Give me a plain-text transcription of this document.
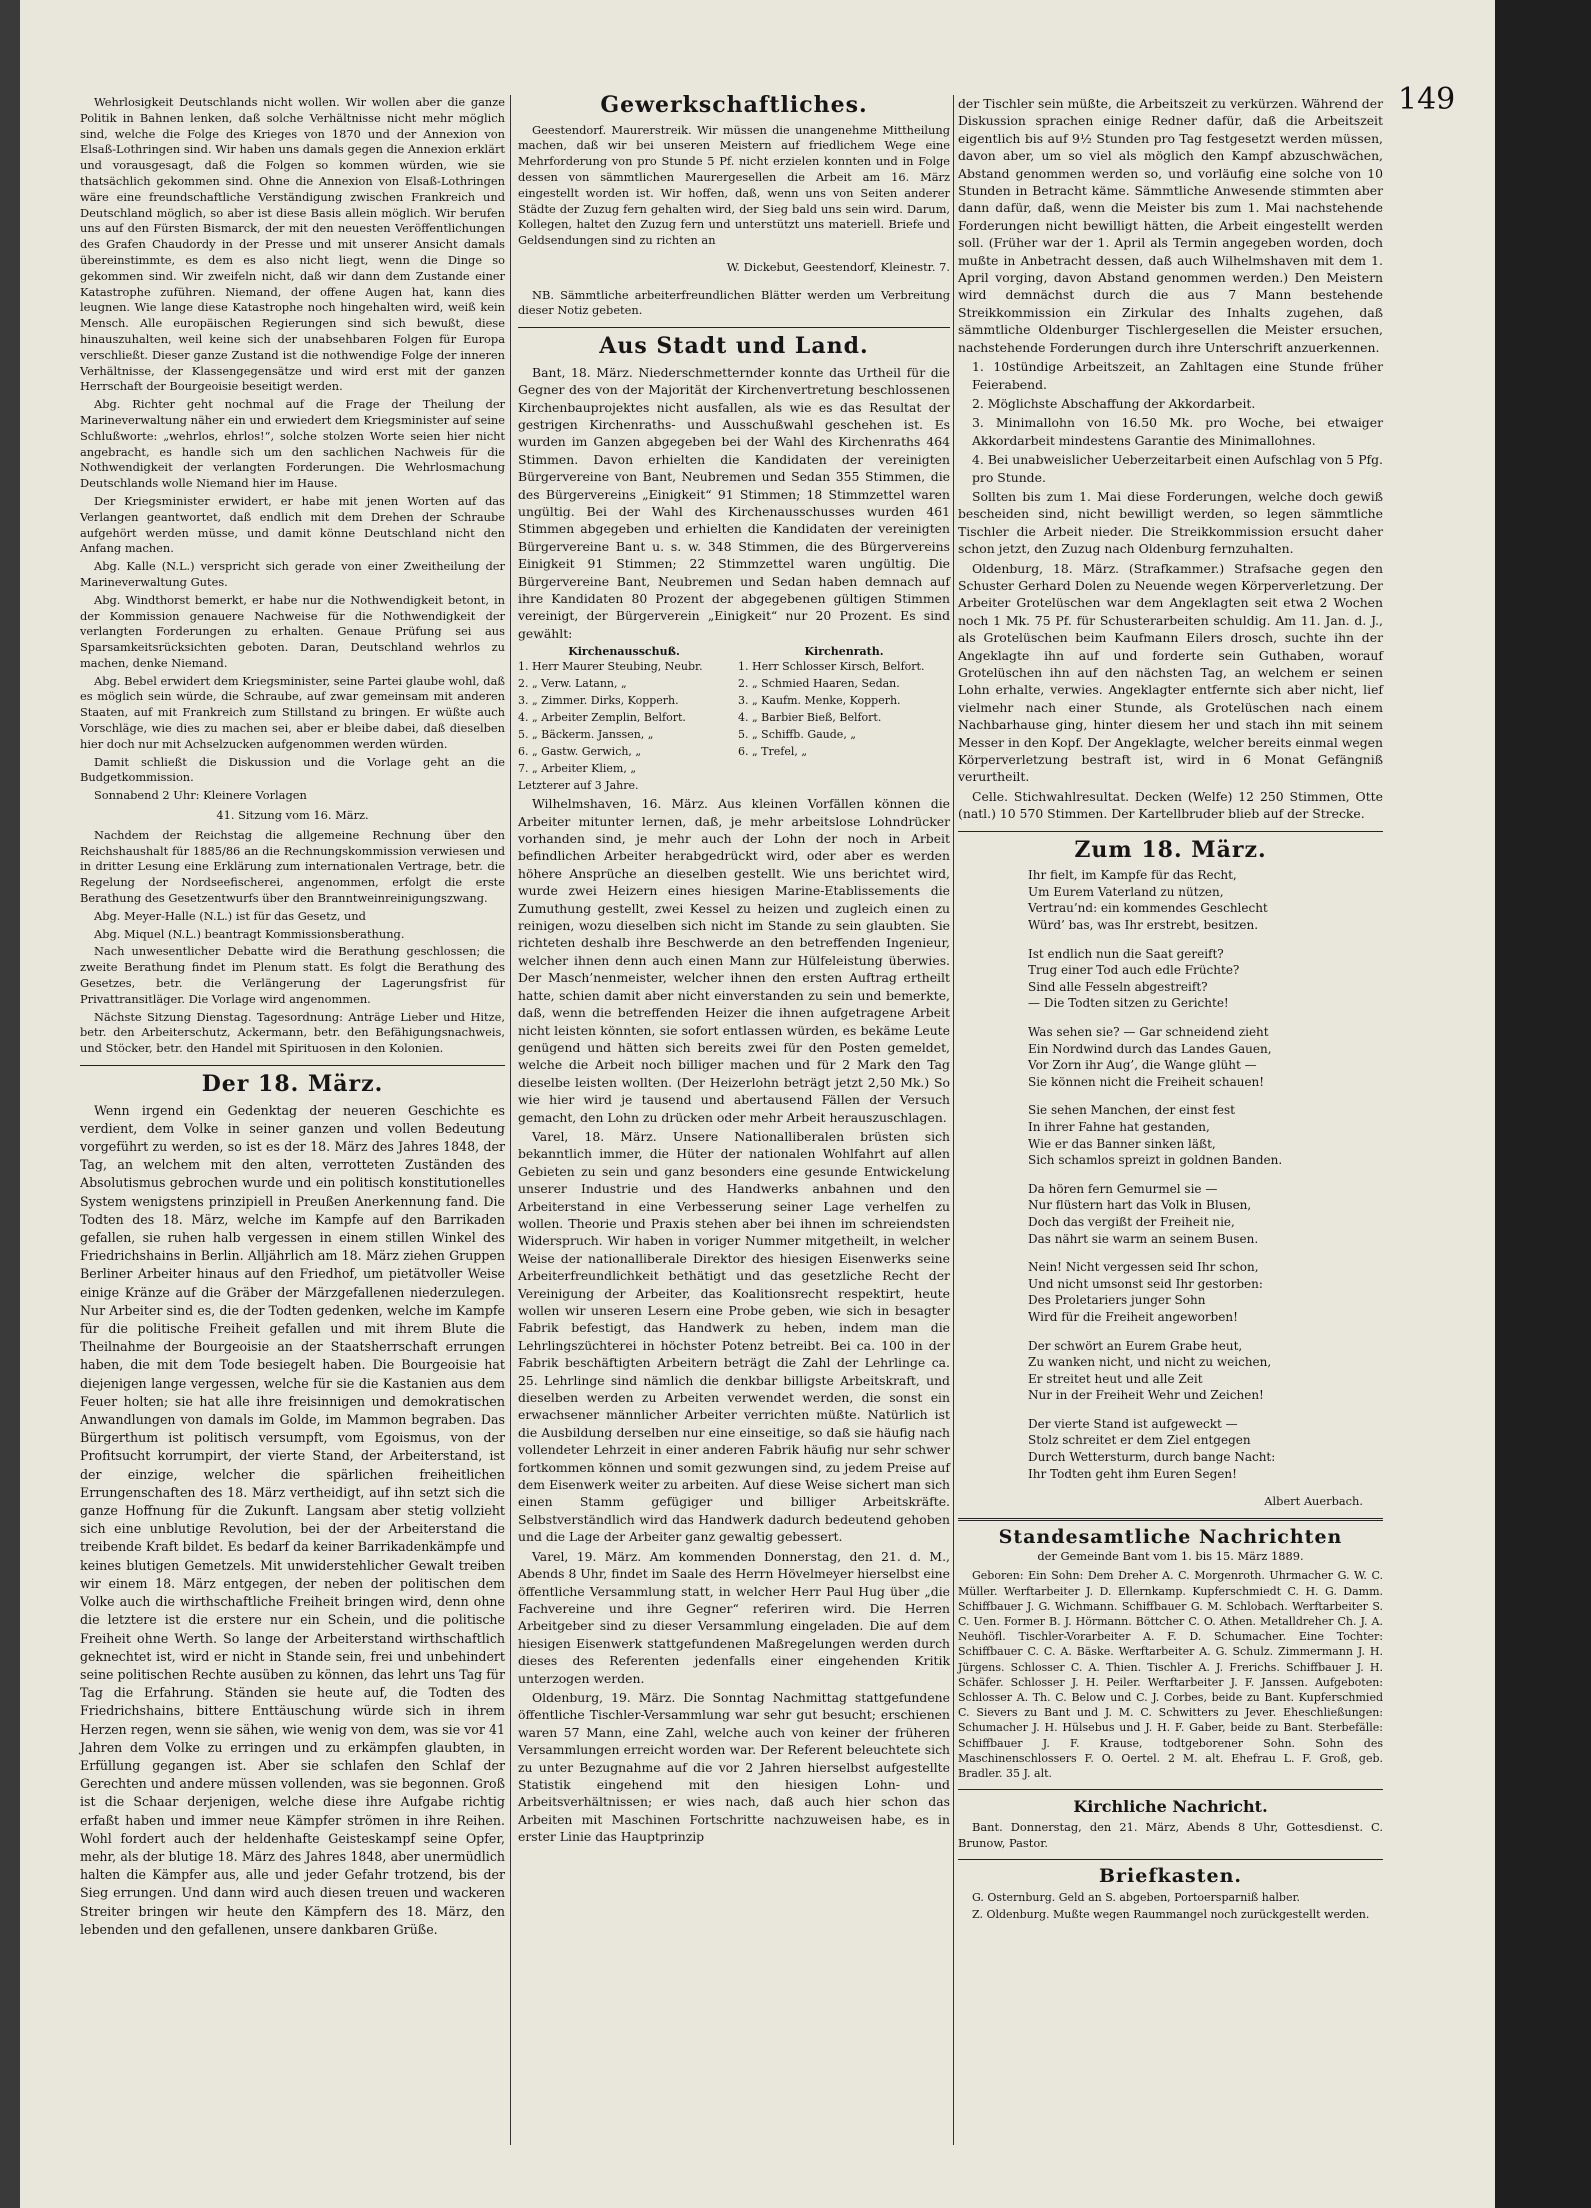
149

Wehrlosigkeit Deutschlands nicht wollen. Wir wollen aber die ganze Politik in Bahnen lenken, daß solche Verhältnisse nicht mehr möglich sind, welche die Folge des Krieges von 1870 und der Annexion von Elsaß-Lothringen sind. Wir haben uns damals gegen die Annexion erklärt und vorausgesagt, daß die Folgen so kommen würden, wie sie thatsächlich gekommen sind. Ohne die Annexion von Elsaß-Lothringen wäre eine freundschaftliche Verständigung zwischen Frankreich und Deutschland möglich, so aber ist diese Basis allein möglich. Wir berufen uns auf den Fürsten Bismarck, der mit den neuesten Veröffentlichungen des Grafen Chaudordy in der Presse und mit unserer Ansicht damals übereinstimmte, es dem es also nicht liegt, wenn die Dinge so gekommen sind. Wir zweifeln nicht, daß wir dann dem Zustande einer Katastrophe zuführen. Niemand, der offene Augen hat, kann dies leugnen. Wie lange diese Katastrophe noch hingehalten wird, weiß kein Mensch. Alle europäischen Regierungen sind sich bewußt, diese hinauszuhalten, weil keine sich der unabsehbaren Folgen für Europa verschließt. Dieser ganze Zustand ist die nothwendige Folge der inneren Verhältnisse, der Klassengegensätze und wird erst mit der ganzen Herrschaft der Bourgeoisie beseitigt werden.

Abg. Richter geht nochmal auf die Frage der Theilung der Marineverwaltung näher ein und erwiedert dem Kriegsminister auf seine Schlußworte: „wehrlos, ehrlos!“, solche stolzen Worte seien hier nicht angebracht, es handle sich um den sachlichen Nachweis für die Nothwendigkeit der verlangten Forderungen. Die Wehrlosmachung Deutschlands wolle Niemand hier im Hause.

Der Kriegsminister erwidert, er habe mit jenen Worten auf das Verlangen geantwortet, daß endlich mit dem Drehen der Schraube aufgehört werden müsse, und damit könne Deutschland nicht den Anfang machen.

Abg. Kalle (N.L.) verspricht sich gerade von einer Zweitheilung der Marineverwaltung Gutes.

Abg. Windthorst bemerkt, er habe nur die Nothwendigkeit betont, in der Kommission genauere Nachweise für die Nothwendigkeit der verlangten Forderungen zu erhalten. Genaue Prüfung sei aus Sparsamkeitsrücksichten geboten. Daran, Deutschland wehrlos zu machen, denke Niemand.

Abg. Bebel erwidert dem Kriegsminister, seine Partei glaube wohl, daß es möglich sein würde, die Schraube, auf zwar gemeinsam mit anderen Staaten, auf mit Frankreich zum Stillstand zu bringen. Er wüßte auch Vorschläge, wie dies zu machen sei, aber er bleibe dabei, daß dieselben hier doch nur mit Achselzucken aufgenommen werden würden.

Damit schließt die Diskussion und die Vorlage geht an die Budgetkommission.

Sonnabend 2 Uhr: Kleinere Vorlagen

41. Sitzung vom 16. März.

Nachdem der Reichstag die allgemeine Rechnung über den Reichshaushalt für 1885/86 an die Rechnungskommission verwiesen und in dritter Lesung eine Erklärung zum internationalen Vertrage, betr. die Regelung der Nordseefischerei, angenommen, erfolgt die erste Berathung des Gesetzentwurfs über den Branntweinreinigungszwang.

Abg. Meyer-Halle (N.L.) ist für das Gesetz, und

Abg. Miquel (N.L.) beantragt Kommissionsberathung.

Nach unwesentlicher Debatte wird die Berathung geschlossen; die zweite Berathung findet im Plenum statt. Es folgt die Berathung des Gesetzes, betr. die Verlängerung der Lagerungsfrist für Privattransitläger. Die Vorlage wird angenommen.

Nächste Sitzung Dienstag. Tagesordnung: Anträge Lieber und Hitze, betr. den Arbeiterschutz, Ackermann, betr. den Befähigungsnachweis, und Stöcker, betr. den Handel mit Spirituosen in den Kolonien.

Der 18. März.

Wenn irgend ein Gedenktag der neueren Geschichte es verdient, dem Volke in seiner ganzen und vollen Bedeutung vorgeführt zu werden, so ist es der 18. März des Jahres 1848, der Tag, an welchem mit den alten, verrotteten Zuständen des Absolutismus gebrochen wurde und ein politisch konstitutionelles System wenigstens prinzipiell in Preußen Anerkennung fand. Die Todten des 18. März, welche im Kampfe auf den Barrikaden gefallen, sie ruhen halb vergessen in einem stillen Winkel des Friedrichshains in Berlin. Alljährlich am 18. März ziehen Gruppen Berliner Arbeiter hinaus auf den Friedhof, um pietätvoller Weise einige Kränze auf die Gräber der Märzgefallenen niederzulegen. Nur Arbeiter sind es, die der Todten gedenken, welche im Kampfe für die politische Freiheit gefallen und mit ihrem Blute die Theilnahme der Bourgeoisie an der Staatsherrschaft errungen haben, die mit dem Tode besiegelt haben. Die Bourgeoisie hat diejenigen lange vergessen, welche für sie die Kastanien aus dem Feuer holten; sie hat alle ihre freisinnigen und demokratischen Anwandlungen von damals im Golde, im Mammon begraben. Das Bürgerthum ist politisch versumpft, vom Egoismus, von der Profitsucht korrumpirt, der vierte Stand, der Arbeiterstand, ist der einzige, welcher die spärlichen freiheitlichen Errungenschaften des 18. März vertheidigt, auf ihn setzt sich die ganze Hoffnung für die Zukunft. Langsam aber stetig vollzieht sich eine unblutige Revolution, bei der der Arbeiterstand die treibende Kraft bildet. Es bedarf da keiner Barrikadenkämpfe und keines blutigen Gemetzels. Mit unwiderstehlicher Gewalt treiben wir einem 18. März entgegen, der neben der politischen dem Volke auch die wirthschaftliche Freiheit bringen wird, denn ohne die letztere ist die erstere nur ein Schein, und die politische Freiheit ohne Werth. So lange der Arbeiterstand wirthschaftlich geknechtet ist, wird er nicht in Stande sein, frei und unbehindert seine politischen Rechte ausüben zu können, das lehrt uns Tag für Tag die Erfahrung. Ständen sie heute auf, die Todten des Friedrichshains, bittere Enttäuschung würde sich in ihrem Herzen regen, wenn sie sähen, wie wenig von dem, was sie vor 41 Jahren dem Volke zu erringen und zu erkämpfen glaubten, in Erfüllung gegangen ist. Aber sie schlafen den Schlaf der Gerechten und andere müssen vollenden, was sie begonnen. Groß ist die Schaar derjenigen, welche diese ihre Aufgabe richtig erfaßt haben und immer neue Kämpfer strömen in ihre Reihen. Wohl fordert auch der heldenhafte Geisteskampf seine Opfer, mehr, als der blutige 18. März des Jahres 1848, aber unermüdlich halten die Kämpfer aus, alle und jeder Gefahr trotzend, bis der Sieg errungen. Und dann wird auch diesen treuen und wackeren Streiter bringen wir heute den Kämpfern des 18. März, den lebenden und den gefallenen, unsere dankbaren Grüße.

Gewerkschaftliches.

Geestendorf. Maurerstreik. Wir müssen die unangenehme Mittheilung machen, daß wir bei unseren Meistern auf friedlichem Wege eine Mehrforderung von pro Stunde 5 Pf. nicht erzielen konnten und in Folge dessen von sämmtlichen Maurergesellen die Arbeit am 16. März eingestellt worden ist. Wir hoffen, daß, wenn uns von Seiten anderer Städte der Zuzug fern gehalten wird, der Sieg bald uns sein wird. Darum, Kollegen, haltet den Zuzug fern und unterstützt uns materiell. Briefe und Geldsendungen sind zu richten an

W. Dickebut, Geestendorf, Kleinestr. 7.

NB. Sämmtliche arbeiterfreundlichen Blätter werden um Verbreitung dieser Notiz gebeten.

Aus Stadt und Land.

Bant, 18. März. Niederschmetternder konnte das Urtheil für die Gegner des von der Majorität der Kirchenvertretung beschlossenen Kirchenbauprojektes nicht ausfallen, als wie es das Resultat der gestrigen Kirchenraths- und Ausschußwahl geschehen ist. Es wurden im Ganzen abgegeben bei der Wahl des Kirchenraths 464 Stimmen. Davon erhielten die Kandidaten der vereinigten Bürgervereine von Bant, Neubremen und Sedan 355 Stimmen, die des Bürgervereins „Einigkeit“ 91 Stimmen; 18 Stimmzettel waren ungültig. Bei der Wahl des Kirchenausschusses wurden 461 Stimmen abgegeben und erhielten die Kandidaten der vereinigten Bürgervereine Bant u. s. w. 348 Stimmen, die des Bürgervereins Einigkeit 91 Stimmen; 22 Stimmzettel waren ungültig. Die Bürgervereine Bant, Neubremen und Sedan haben demnach auf ihre Kandidaten 80 Prozent der abgegebenen gültigen Stimmen vereinigt, der Bürgerverein „Einigkeit“ nur 20 Prozent. Es sind gewählt:

Kirchenausschuß.
1. Herr Maurer Steubing, Neubr.
2. „ Verw. Latann, „
3. „ Zimmer. Dirks, Kopperh.
4. „ Arbeiter Zemplin, Belfort.
5. „ Bäckerm. Janssen, „
6. „ Gastw. Gerwich, „
7. „ Arbeiter Kliem, „
Letzterer auf 3 Jahre.
Kirchenrath.
1. Herr Schlosser Kirsch, Belfort.
2. „ Schmied Haaren, Sedan.
3. „ Kaufm. Menke, Kopperh.
4. „ Barbier Bieß, Belfort.
5. „ Schiffb. Gaude, „
6. „ Trefel, „

Wilhelmshaven, 16. März. Aus kleinen Vorfällen können die Arbeiter mitunter lernen, daß, je mehr arbeitslose Lohndrücker vorhanden sind, je mehr auch der Lohn der noch in Arbeit befindlichen Arbeiter herabgedrückt wird, oder aber es werden höhere Ansprüche an dieselben gestellt. Wie uns berichtet wird, wurde zwei Heizern eines hiesigen Marine-Etablissements die Zumuthung gestellt, zwei Kessel zu heizen und zugleich einen zu reinigen, wozu dieselben sich nicht im Stande zu sein glaubten. Sie richteten deshalb ihre Beschwerde an den betreffenden Ingenieur, welcher ihnen denn auch einen Mann zur Hülfeleistung überwies. Der Masch’nenmeister, welcher ihnen den ersten Auftrag ertheilt hatte, schien damit aber nicht einverstanden zu sein und bemerkte, daß, wenn die betreffenden Heizer die ihnen aufgetragene Arbeit nicht leisten könnten, sie sofort entlassen würden, es bekäme Leute genügend und hätten sich bereits zwei für den Posten gemeldet, welche die Arbeit noch billiger machen und für 2 Mark den Tag dieselbe leisten wollten. (Der Heizerlohn beträgt jetzt 2,50 Mk.) So wie hier wird je tausend und abertausend Fällen der Versuch gemacht, den Lohn zu drücken oder mehr Arbeit herauszuschlagen.

Varel, 18. März. Unsere Nationalliberalen brüsten sich bekanntlich immer, die Hüter der nationalen Wohlfahrt auf allen Gebieten zu sein und ganz besonders eine gesunde Entwickelung unserer Industrie und des Handwerks anbahnen und den Arbeiterstand in eine Verbesserung seiner Lage verhelfen zu wollen. Theorie und Praxis stehen aber bei ihnen im schreiendsten Widerspruch. Wir haben in voriger Nummer mitgetheilt, in welcher Weise der nationalliberale Direktor des hiesigen Eisenwerks seine Arbeiterfreundlichkeit bethätigt und das gesetzliche Recht der Vereinigung der Arbeiter, das Koalitionsrecht respektirt, heute wollen wir unseren Lesern eine Probe geben, wie sich in besagter Fabrik befestigt, das Handwerk zu heben, indem man die Lehrlingszüchterei in höchster Potenz betreibt. Bei ca. 100 in der Fabrik beschäftigten Arbeitern beträgt die Zahl der Lehrlinge ca. 25. Lehrlinge sind nämlich die denkbar billigste Arbeitskraft, und dieselben werden zu Arbeiten verwendet werden, die sonst ein erwachsener männlicher Arbeiter verrichten müßte. Natürlich ist die Ausbildung derselben nur eine einseitige, so daß sie häufig nach vollendeter Lehrzeit in einer anderen Fabrik häufig nur sehr schwer fortkommen können und somit gezwungen sind, zu jedem Preise auf dem Eisenwerk weiter zu arbeiten. Auf diese Weise sichert man sich einen Stamm gefügiger und billiger Arbeitskräfte. Selbstverständlich wird das Handwerk dadurch bedeutend gehoben und die Lage der Arbeiter ganz gewaltig gebessert.

Varel, 19. März. Am kommenden Donnerstag, den 21. d. M., Abends 8 Uhr, findet im Saale des Herrn Hövelmeyer hierselbst eine öffentliche Versammlung statt, in welcher Herr Paul Hug über „die Fachvereine und ihre Gegner“ referiren wird. Die Herren Arbeitgeber sind zu dieser Versammlung eingeladen. Die auf dem hiesigen Eisenwerk stattgefundenen Maßregelungen werden durch dieses des Referenten jedenfalls einer eingehenden Kritik unterzogen werden.

Oldenburg, 19. März. Die Sonntag Nachmittag stattgefundene öffentliche Tischler-Versammlung war sehr gut besucht; erschienen waren 57 Mann, eine Zahl, welche auch von keiner der früheren Versammlungen erreicht worden war. Der Referent beleuchtete sich zu unter Bezugnahme auf die vor 2 Jahren hierselbst aufgestellte Statistik eingehend mit den hiesigen Lohn- und Arbeitsverhältnissen; er wies nach, daß auch hier schon das Arbeiten mit Maschinen Fortschritte nachzuweisen habe, es in erster Linie das Hauptprinzip

der Tischler sein müßte, die Arbeitszeit zu verkürzen. Während der Diskussion sprachen einige Redner dafür, daß die Arbeitszeit eigentlich bis auf 9½ Stunden pro Tag festgesetzt werden müssen, davon aber, um so viel als möglich den Kampf abzuschwächen, Abstand genommen werden so, und vorläufig eine solche von 10 Stunden in Betracht käme. Sämmtliche Anwesende stimmten aber dann dafür, daß, wenn die Meister bis zum 1. Mai nachstehende Forderungen nicht bewilligt hätten, die Arbeit eingestellt werden soll. (Früher war der 1. April als Termin angegeben worden, doch mußte in Anbetracht dessen, daß auch Wilhelmshaven mit dem 1. April vorging, davon Abstand genommen werden.) Den Meistern wird demnächst durch die aus 7 Mann bestehende Streikkommission ein Zirkular des Inhalts zugehen, daß sämmtliche Oldenburger Tischlergesellen die Meister ersuchen, nachstehende Forderungen durch ihre Unterschrift anzuerkennen.

1. 10stündige Arbeitszeit, an Zahltagen eine Stunde früher Feierabend.
2. Möglichste Abschaffung der Akkordarbeit.
3. Minimallohn von 16.50 Mk. pro Woche, bei etwaiger Akkordarbeit mindestens Garantie des Minimallohnes.
4. Bei unabweislicher Ueberzeitarbeit einen Aufschlag von 5 Pfg. pro Stunde.

Sollten bis zum 1. Mai diese Forderungen, welche doch gewiß bescheiden sind, nicht bewilligt werden, so legen sämmtliche Tischler die Arbeit nieder. Die Streikkommission ersucht daher schon jetzt, den Zuzug nach Oldenburg fernzuhalten.

Oldenburg, 18. März. (Strafkammer.) Strafsache gegen den Schuster Gerhard Dolen zu Neuende wegen Körperverletzung. Der Arbeiter Grotelüschen war dem Angeklagten seit etwa 2 Wochen noch 1 Mk. 75 Pf. für Schusterarbeiten schuldig. Am 11. Jan. d. J., als Grotelüschen beim Kaufmann Eilers drosch, suchte ihn der Angeklagte ihn auf und forderte sein Guthaben, worauf Grotelüschen ihn auf den nächsten Tag, an welchem er seinen Lohn erhalte, verwies. Angeklagter entfernte sich aber nicht, lief vielmehr nach einer Stunde, als Grotelüschen nach einem Nachbarhause ging, hinter diesem her und stach ihn mit seinem Messer in den Kopf. Der Angeklagte, welcher bereits einmal wegen Körperverletzung bestraft ist, wird in 6 Monat Gefängniß verurtheilt.

Celle. Stichwahlresultat. Decken (Welfe) 12 250 Stimmen, Otte (natl.) 10 570 Stimmen. Der Kartellbruder blieb auf der Strecke.

Zum 18. März.
Ihr fielt, im Kampfe für das Recht,
Um Eurem Vaterland zu nützen,
Vertrau’nd: ein kommendes Geschlecht
Würd’ bas, was Ihr erstrebt, besitzen.
Ist endlich nun die Saat gereift?
Trug einer Tod auch edle Früchte?
Sind alle Fesseln abgestreift?
— Die Todten sitzen zu Gerichte!
Was sehen sie? — Gar schneidend zieht
Ein Nordwind durch das Landes Gauen,
Vor Zorn ihr Aug’, die Wange glüht —
Sie können nicht die Freiheit schauen!
Sie sehen Manchen, der einst fest
In ihrer Fahne hat gestanden,
Wie er das Banner sinken läßt,
Sich schamlos spreizt in goldnen Banden.
Da hören fern Gemurmel sie —
Nur flüstern hart das Volk in Blusen,
Doch das vergißt der Freiheit nie,
Das nährt sie warm an seinem Busen.
Nein! Nicht vergessen seid Ihr schon,
Und nicht umsonst seid Ihr gestorben:
Des Proletariers junger Sohn
Wird für die Freiheit angeworben!
Der schwört an Eurem Grabe heut,
Zu wanken nicht, und nicht zu weichen,
Er streitet heut und alle Zeit
Nur in der Freiheit Wehr und Zeichen!
Der vierte Stand ist aufgeweckt —
Stolz schreitet er dem Ziel entgegen
Durch Wettersturm, durch bange Nacht:
Ihr Todten geht ihm Euren Segen!

Albert Auerbach.

Standesamtliche Nachrichten

der Gemeinde Bant vom 1. bis 15. März 1889.

Geboren: Ein Sohn: Dem Dreher A. C. Morgenroth. Uhrmacher G. W. C. Müller. Werftarbeiter J. D. Ellernkamp. Kupferschmiedt C. H. G. Damm. Schiffbauer J. G. Wichmann. Schiffbauer G. M. Schlobach. Werftarbeiter S. C. Uen. Former B. J. Hörmann. Böttcher C. O. Athen. Metalldreher Ch. J. A. Neuhöfl. Tischler-Vorarbeiter A. F. D. Schumacher. Eine Tochter: Schiffbauer C. C. A. Bäske. Werftarbeiter A. G. Schulz. Zimmermann J. H. Jürgens. Schlosser C. A. Thien. Tischler A. J. Frerichs. Schiffbauer J. H. Schäfer. Schlosser J. H. Peiler. Werftarbeiter J. F. Janssen. Aufgeboten: Schlosser A. Th. C. Below und C. J. Corbes, beide zu Bant. Kupferschmied C. Sievers zu Bant und J. M. C. Schwitters zu Jever. Eheschließungen: Schumacher J. H. Hülsebus und J. H. F. Gaber, beide zu Bant. Sterbefälle: Schiffbauer J. F. Krause, todtgeborener Sohn. Sohn des Maschinenschlossers F. O. Oertel. 2 M. alt. Ehefrau L. F. Groß, geb. Bradler. 35 J. alt.

Kirchliche Nachricht.

Bant. Donnerstag, den 21. März, Abends 8 Uhr, Gottesdienst. C. Brunow, Pastor.

Briefkasten.

G. Osternburg. Geld an S. abgeben, Portoersparniß halber.

Z. Oldenburg. Mußte wegen Raummangel noch zurückgestellt werden.
